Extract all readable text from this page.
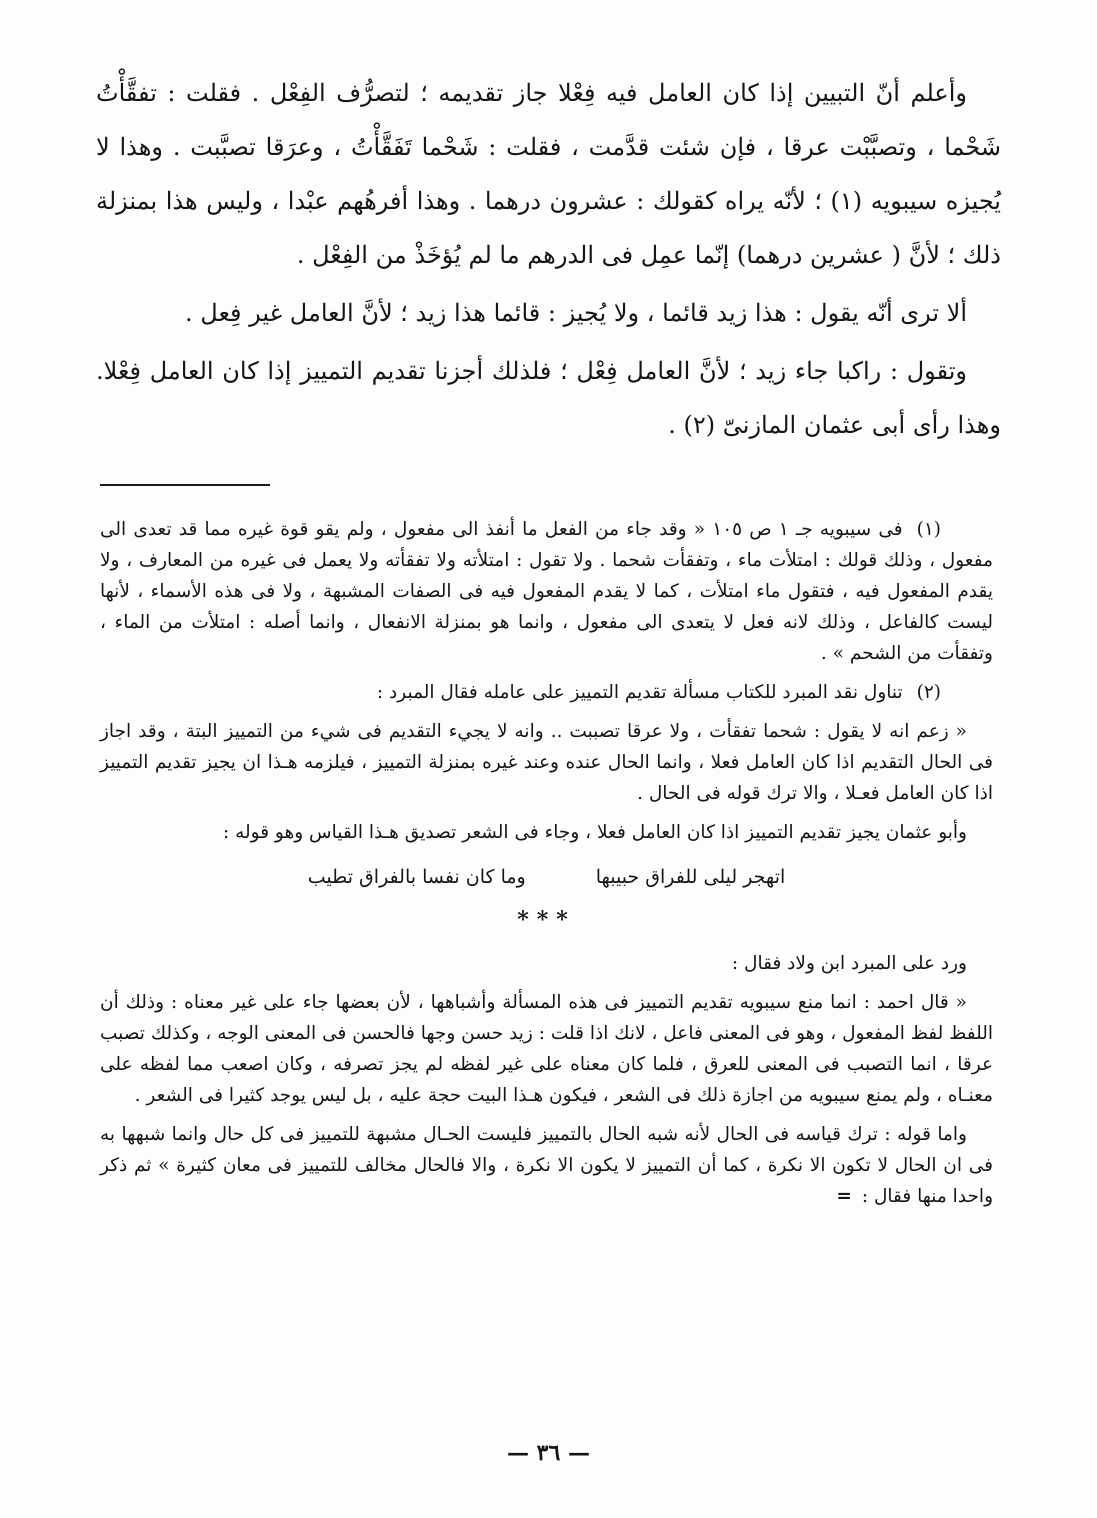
وأعلم أنّ التبيين إذا كان العامل فيه فِعْلا جاز تقديمه ؛ لتصرُّف الفِعْل . فقلت : تفقَّأْتُ شَحْما ، وتصبَّبْت عرقا ، فإن شئت قدَّمت ، فقلت : شَحْما تَفَقَّأْتُ ، وعرَقا تصبَّبت . وهذا لا يُجيزه سيبويه (١) ؛ لأنّه يراه كقولك : عشرون درهما . وهذا أفرهُهم عبْدا ، وليس هذا بمنزلة ذلك ؛ لأنَّ ( عشرين درهما) إنّما عمِل فى الدرهم ما لم يُؤخَذْ من الفِعْل .

ألا ترى أنّه يقول : هذا زيد قائما ، ولا يُجيز : قائما هذا زيد ؛ لأنَّ العامل غير فِعل .

وتقول : راكبا جاء زيد ؛ لأنَّ العامل فِعْل ؛ فلذلك أجزنا تقديم التمييز إذا كان العامل فِعْلا. وهذا رأى أبى عثمان المازنىّ (٢) .

(١)فى سيبويه جـ ١ ص ١٠٥ « وقد جاء من الفعل ما أنفذ الى مفعول ، ولم يقو قوة غيره مما قد تعدى الى مفعول ، وذلك قولك : امتلأت ماء ، وتفقأت شحما . ولا تقول : امتلأته ولا تفقأته ولا يعمل فى غيره من المعارف ، ولا يقدم المفعول فيه ، فتقول ماء امتلأت ، كما لا يقدم المفعول فيه فى الصفات المشبهة ، ولا فى هذه الأسماء ، لأنها ليست كالفاعل ، وذلك لانه فعل لا يتعدى الى مفعول ، وانما هو بمنزلة الانفعال ، وانما أصله : امتلأت من الماء ، وتفقأت من الشحم » .

(٢)تناول نقد المبرد للكتاب مسألة تقديم التمييز على عامله فقال المبرد :

« زعم انه لا يقول : شحما تفقأت ، ولا عرقا تصببت .. وانه لا يجيء التقديم فى شيء من التمييز البتة ، وقد اجاز فى الحال التقديم اذا كان العامل فعلا ، وانما الحال عنده وعند غيره بمنزلة التمييز ، فيلزمه هـذا ان يجيز تقديم التمييز اذا كان العامل فعـلا ، والا ترك قوله فى الحال .

وأبو عثمان يجيز تقديم التمييز اذا كان العامل فعلا ، وجاء فى الشعر تصديق هـذا القياس وهو قوله :

اتهجر ليلى للفراق حبيبها
وما كان نفسا بالفراق تطيب
***

ورد على المبرد ابن ولاد فقال :

« قال احمد : انما منع سيبويه تقديم التمييز فى هذه المسألة وأشباهها ، لأن بعضها جاء على غير معناه : وذلك أن اللفظ لفظ المفعول ، وهو فى المعنى فاعل ، لانك اذا قلت : زيد حسن وجها فالحسن فى المعنى الوجه ، وكذلك تصبب عرقا ، انما التصبب فى المعنى للعرق ، فلما كان معناه على غير لفظه لم يجز تصرفه ، وكان اصعب مما لفظه على معنـاه ، ولم يمنع سيبويه من اجازة ذلك فى الشعر ، فيكون هـذا البيت حجة عليه ، بل ليس يوجد كثيرا فى الشعر .

واما قوله : ترك قياسه فى الحال لأنه شبه الحال بالتمييز فليست الحـال مشبهة للتمييز فى كل حال وانما شبهها به فى ان الحال لا تكون الا نكرة ، كما أن التمييز لا يكون الا نكرة ، والا فالحال مخالف للتمييز فى معان كثيرة » ثم ذكر واحدا منها فقال :=

— ٣٦ —
